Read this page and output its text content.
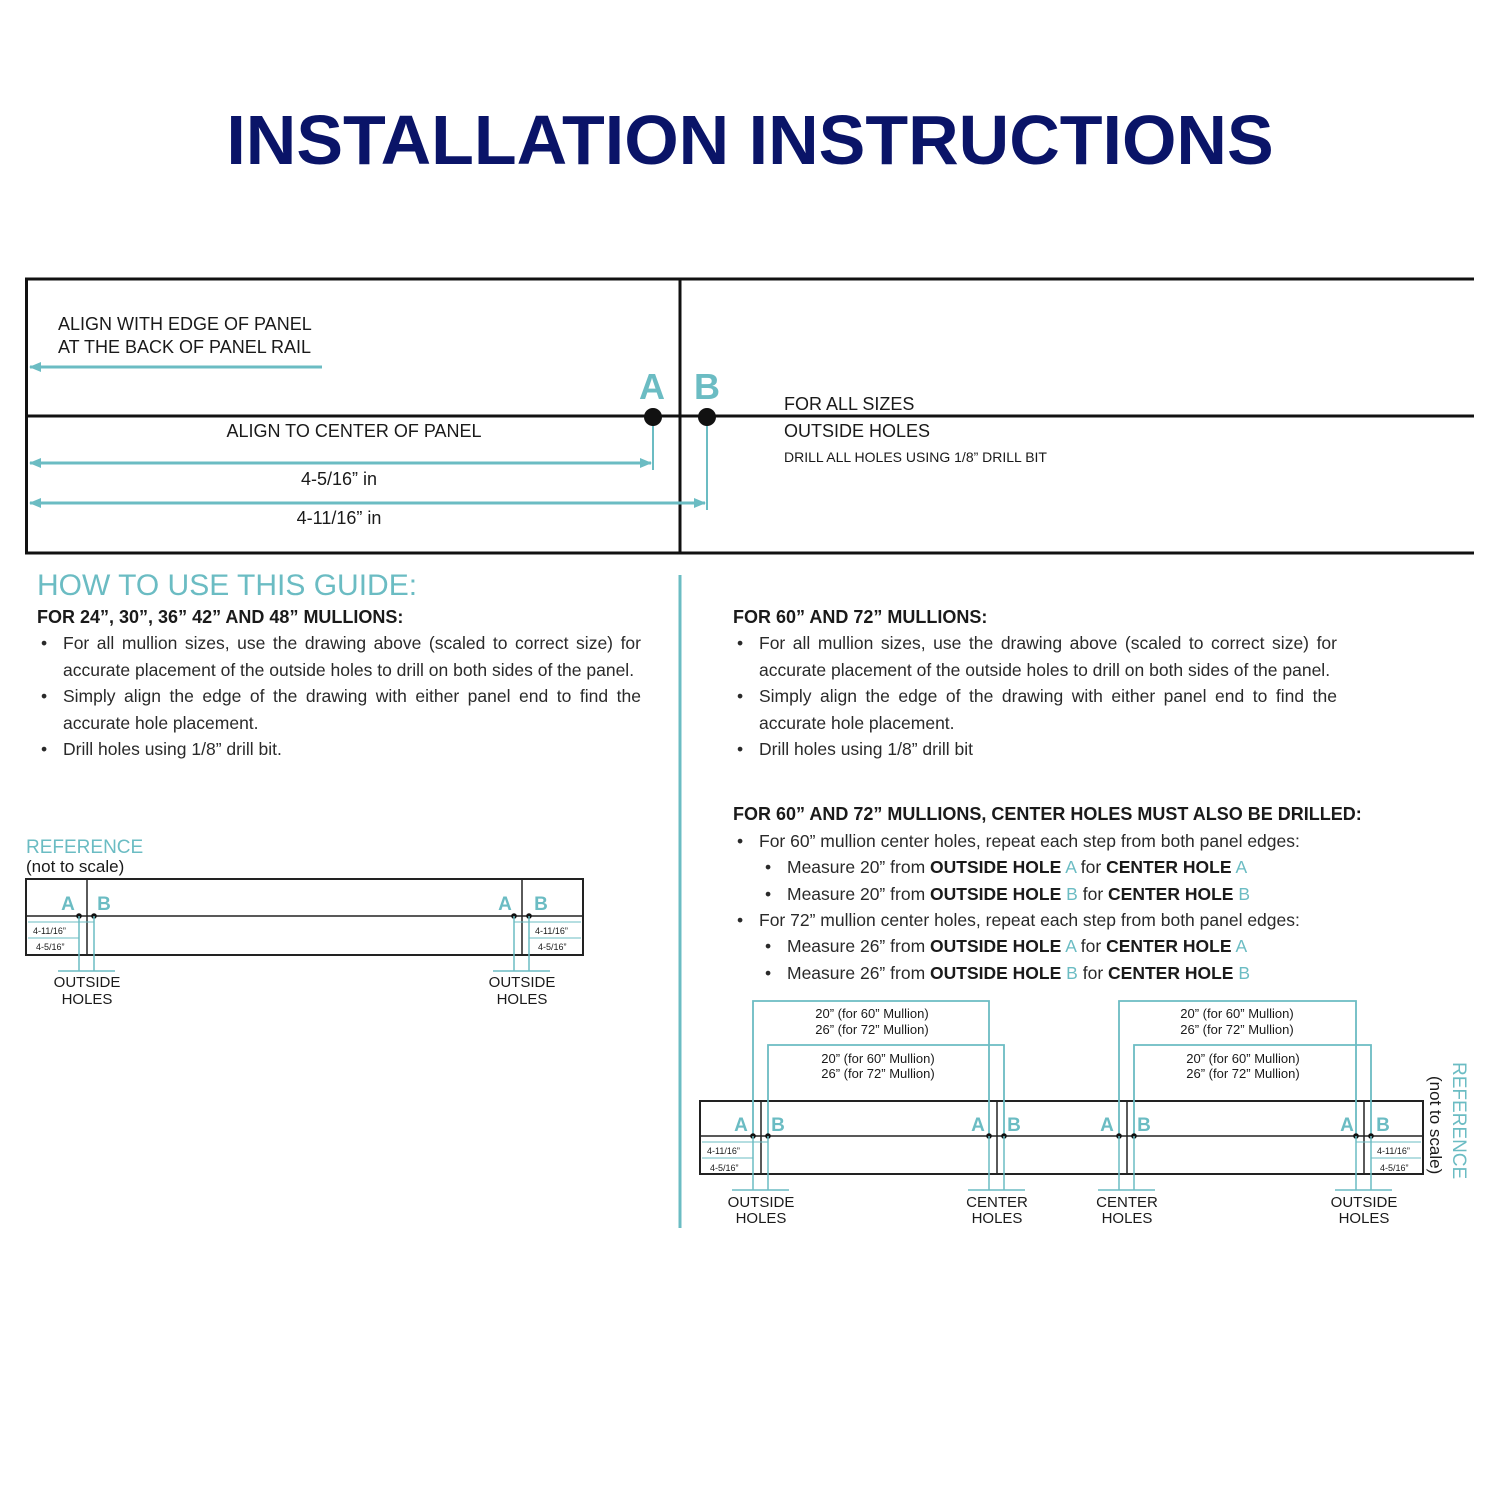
INSTALLATION INSTRUCTIONS
ALIGN WITH EDGE OF PANEL
AT THE BACK OF PANEL RAIL
ALIGN TO CENTER OF PANEL
4-5/16” in
4-11/16” in
A B	FOR ALL SIZES
OUTSIDE HOLES
DRILL ALL HOLES USING 1/8” DRILL BIT
HOW TO USE THIS GUIDE:

FOR 24”, 30”, 36” 42” AND 48” MULLIONS:

• For all mullion sizes, use the drawing above (scaled to correct size) for accurate placement of the outside holes to drill on both sides of the panel.
• Simply align the edge of the drawing with either panel end to find the accurate hole placement.
• Drill holes using 1/8” drill bit.

FOR 60” AND 72” MULLIONS:

• For all mullion sizes, use the drawing above (scaled to correct size) for accurate placement of the outside holes to drill on both sides of the panel.
• Simply align the edge of the drawing with either panel end to find the accurate hole placement.
• Drill holes using 1/8” drill bit

FOR 60” AND 72” MULLIONS, CENTER HOLES MUST ALSO BE DRILLED:

• For 60” mullion center holes, repeat each step from both panel edges:
• Measure 20” from OUTSIDE HOLE A for CENTER HOLE A
• Measure 20” from OUTSIDE HOLE B for CENTER HOLE B
• For 72” mullion center holes, repeat each step from both panel edges:
• Measure 26” from OUTSIDE HOLE A for CENTER HOLE A
• Measure 26” from OUTSIDE HOLE B for CENTER HOLE B
REFERENCE
(not to scale)
A B
4-11/16”
4-5/16”
OUTSIDE
HOLES
A B
4-11/16”
4-5/16”
OUTSIDE
HOLES
20” (for 60” Mullion)
26” (for 72” Mullion)
20” (for 60” Mullion)
26” (for 72” Mullion)
20” (for 60” Mullion)
26” (for 72” Mullion)
20” (for 60” Mullion)
26” (for 72” Mullion)
A B
4-11/16”
4-5/16”
OUTSIDE
HOLES
A B
CENTER
HOLES
A B
CENTER
HOLES
A B
4-11/16”
4-5/16”
OUTSIDE
HOLES
REFERENCE
(not to scale)
